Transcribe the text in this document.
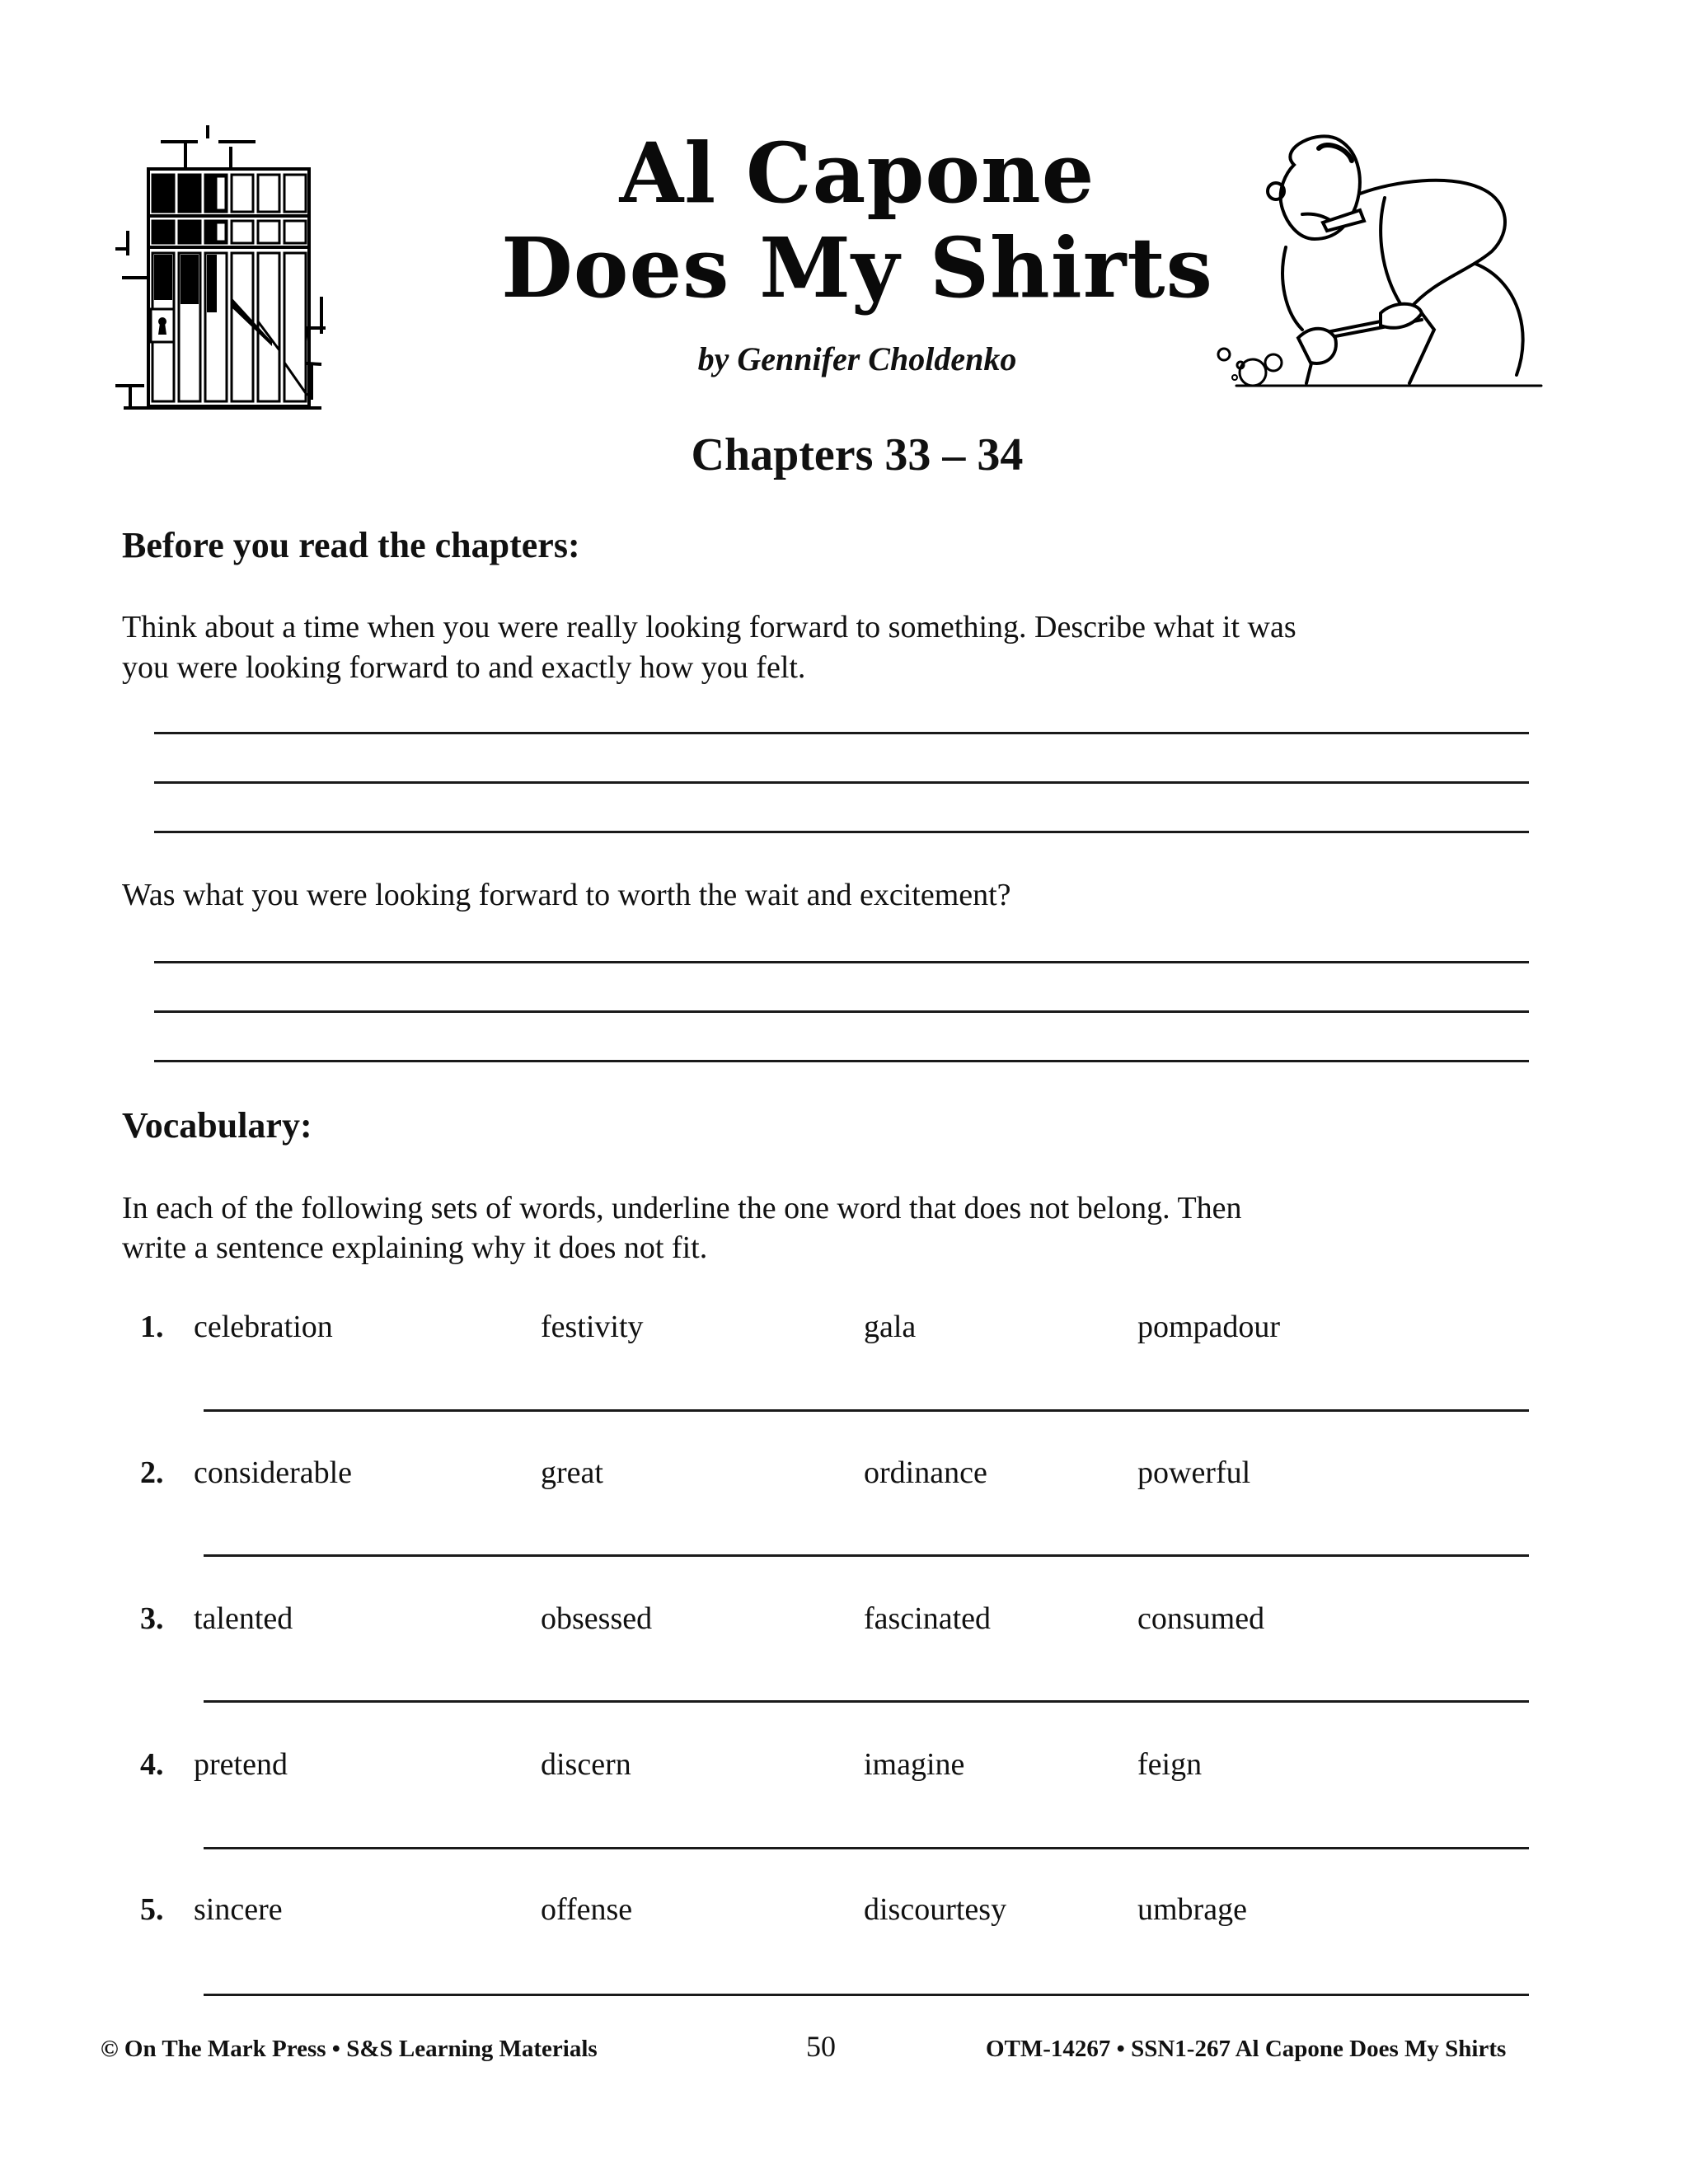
Al Capone
Does My Shirts
by Gennifer Choldenko
Chapters 33 – 34
Before you read the chapters:
Think about a time when you were really looking forward to something. Describe what it was
you were looking forward to and exactly how you felt.
Was what you were looking forward to worth the wait and excitement?
Vocabulary:
In each of the following sets of words, underline the one word that does not belong. Then
write a sentence explaining why it does not fit.
1. celebration	festivity	gala	pompadour
2. considerable	great	ordinance	powerful
3. talented	obsessed	fascinated	consumed
4. pretend	discern	imagine	feign
5. sincere	offense	discourtesy	umbrage
© On The Mark Press • S&S Learning Materials	50	OTM-14267 • SSN1-267 Al Capone Does My Shirts
